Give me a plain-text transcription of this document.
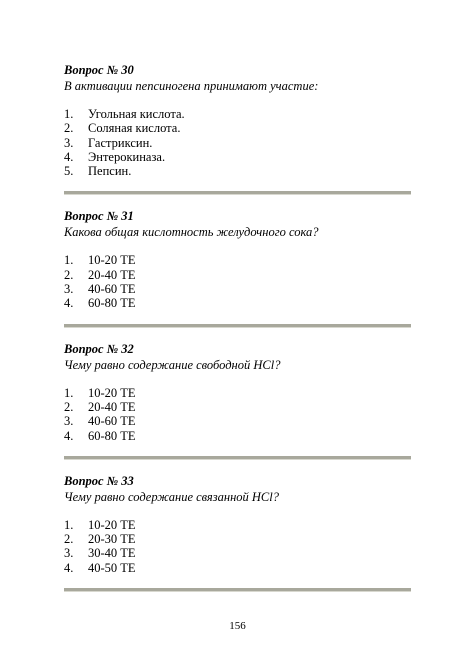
Вопрос № 30

В активации пепсиногена принимают участие:

1.	Угольная кислота.
2.	Соляная кислота.
3.	Гастриксин.
4.	Энтерокиназа.
5.	Пепсин.

Вопрос № 31

Какова общая кислотность желудочного сока?

1.	10-20 ТЕ
2.	20-40 ТЕ
3.	40-60 ТЕ
4.	60-80 ТЕ

Вопрос № 32

Чему равно содержание свободной HCl?

1.	10-20 ТЕ
2.	20-40 ТЕ
3.	40-60 ТЕ
4.	60-80 ТЕ

Вопрос № 33

Чему равно содержание связанной HCl?

1.	10-20 ТЕ
2.	20-30 ТЕ
3.	30-40 ТЕ
4.	40-50 ТЕ
156
